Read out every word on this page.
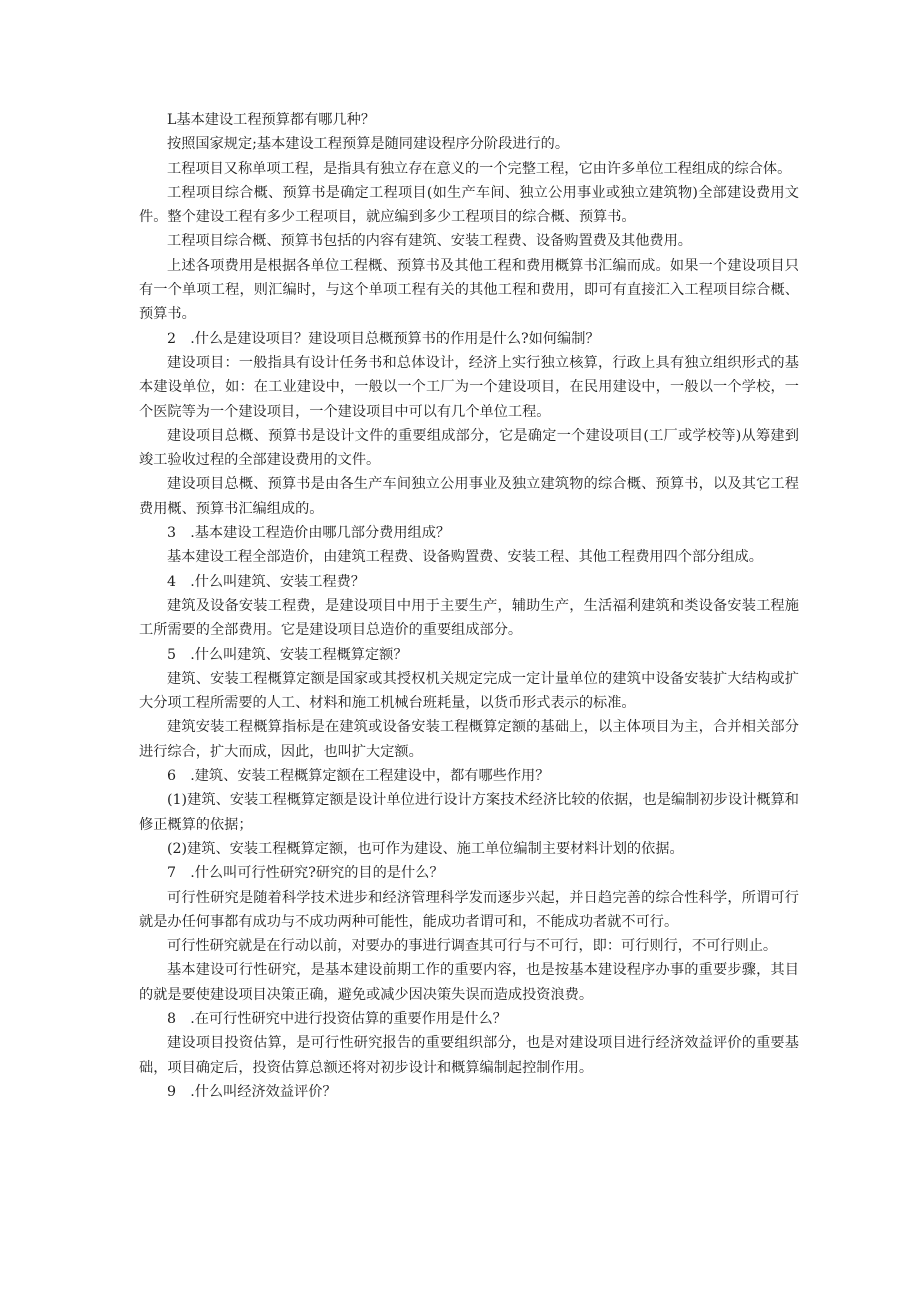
L基本建设工程预算都有哪几种？

按照国家规定;基本建设工程预算是随同建设程序分阶段进行的。

工程项目又称单项工程，是指具有独立存在意义的一个完整工程，它由许多单位工程组成的综合体。

工程项目综合概、预算书是确定工程项目(如生产车间、独立公用事业或独立建筑物)全部建设费用文件。整个建设工程有多少工程项目，就应编到多少工程项目的综合概、预算书。

工程项目综合概、预算书包括的内容有建筑、安装工程费、设备购置费及其他费用。

上述各项费用是根据各单位工程概、预算书及其他工程和费用概算书汇编而成。如果一个建设项目只有一个单项工程，则汇编时，与这个单项工程有关的其他工程和费用，即可有直接汇入工程项目综合概、预算书。

2　.什么是建设项目？建设项目总概预算书的作用是什么?如何编制？

建设项目：一般指具有设计任务书和总体设计，经济上实行独立核算，行政上具有独立组织形式的基本建设单位，如：在工业建设中，一般以一个工厂为一个建设项目，在民用建设中，一般以一个学校，一个医院等为一个建设项目，一个建设项目中可以有几个单位工程。

建设项目总概、预算书是设计文件的重要组成部分，它是确定一个建设项目(工厂或学校等)从筹建到竣工验收过程的全部建设费用的文件。

建设项目总概、预算书是由各生产车间独立公用事业及独立建筑物的综合概、预算书，以及其它工程费用概、预算书汇编组成的。

3　.基本建设工程造价由哪几部分费用组成？

基本建设工程全部造价，由建筑工程费、设备购置费、安装工程、其他工程费用四个部分组成。

4　.什么叫建筑、安装工程费？

建筑及设备安装工程费，是建设项目中用于主要生产，辅助生产，生活福利建筑和类设备安装工程施工所需要的全部费用。它是建设项目总造价的重要组成部分。

5　.什么叫建筑、安装工程概算定额？

建筑、安装工程概算定额是国家或其授权机关规定完成一定计量单位的建筑中设备安装扩大结构或扩大分项工程所需要的人工、材料和施工机械台班耗量，以货币形式表示的标准。

建筑安装工程概算指标是在建筑或设备安装工程概算定额的基础上，以主体项目为主，合并相关部分进行综合，扩大而成，因此，也叫扩大定额。

6　.建筑、安装工程概算定额在工程建设中，都有哪些作用？

(1)建筑、安装工程概算定额是设计单位进行设计方案技术经济比较的依据，也是编制初步设计概算和修正概算的依据；

(2)建筑、安装工程概算定额，也可作为建设、施工单位编制主要材料计划的依据。

7　.什么叫可行性研究?研究的目的是什么？

可行性研究是随着科学技术进步和经济管理科学发而逐步兴起，并日趋完善的综合性科学，所谓可行就是办任何事都有成功与不成功两种可能性，能成功者谓可和，不能成功者就不可行。

可行性研究就是在行动以前，对要办的事进行调查其可行与不可行，即：可行则行，不可行则止。

基本建设可行性研究，是基本建设前期工作的重要内容，也是按基本建设程序办事的重要步骤，其目的就是要使建设项目决策正确，避免或减少因决策失误而造成投资浪费。

8　.在可行性研究中进行投资估算的重要作用是什么？

建设项目投资估算，是可行性研究报告的重要组织部分，也是对建设项目进行经济效益评价的重要基础，项目确定后，投资估算总额还将对初步设计和概算编制起控制作用。

9　.什么叫经济效益评价？
